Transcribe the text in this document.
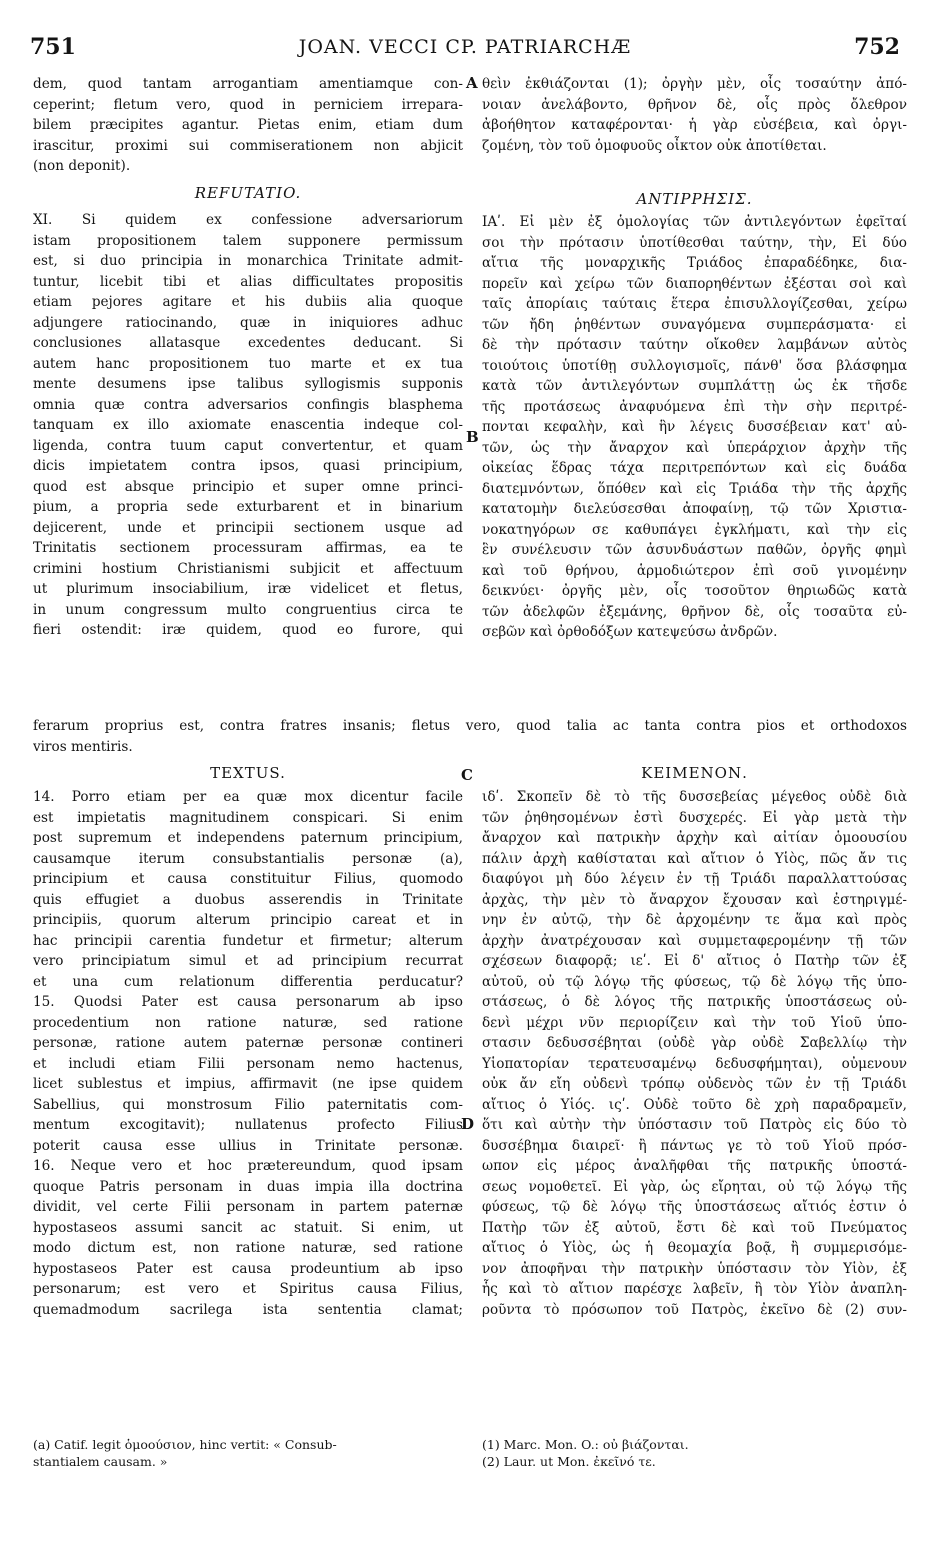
751	JOAN. VECCI CP. PATRIARCHÆ	752
A
B
C
D
dem, quod tantam arrogantiam amentiamque con-
ceperint; fletum vero, quod in perniciem irrepara-
bilem præcipites agantur. Pietas enim, etiam dum
irascitur, proximi sui commiserationem non abjicit
(non deponit).
θεὶν ἐκθιάζονται (1); ὀργὴν μὲν, οἷς τοσαύτην ἀπό-
νοιαν ἀνελάβοντο, θρῆνον δὲ, οἷς πρὸς ὄλεθρον
ἀβοήθητον καταφέρονται· ἡ γὰρ εὐσέβεια, καὶ ὀργι-
ζομένη, τὸν τοῦ ὁμοφυοῦς οἶκτον οὐκ ἀποτίθεται.
REFUTATIO.	ΑΝΤΙΡΡΗΣΙΣ.
XI. Si quidem ex confessione adversariorum
istam propositionem talem supponere permissum
est, si duo principia in monarchica Trinitate admit-
tuntur, licebit tibi et alias difficultates propositis
etiam pejores agitare et his dubiis alia quoque
adjungere ratiocinando, quæ in iniquiores adhuc
conclusiones allatasque excedentes deducant. Si
autem hanc propositionem tuo marte et ex tua
mente desumens ipse talibus syllogismis supponis
omnia quæ contra adversarios confingis blasphema
tanquam ex illo axiomate enascentia indeque col-
ligenda, contra tuum caput convertentur, et quam
dicis impietatem contra ipsos, quasi principium,
quod est absque principio et super omne princi-
pium, a propria sede exturbarent et in binarium
dejicerent, unde et principii sectionem usque ad
Trinitatis sectionem processuram affirmas, ea te
crimini hostium Christianismi subjicit et affectuum
ut plurimum insociabilium, iræ videlicet et fletus,
in unum congressum multo congruentius circa te
fieri ostendit: iræ quidem, quod eo furore, qui
ΙΑʹ. Εἰ μὲν ἐξ ὁμολογίας τῶν ἀντιλεγόντων ἐφεῖταί
σοι τὴν πρότασιν ὑποτίθεσθαι ταύτην, τὴν, Εἰ δύο
αἴτια τῆς μοναρχικῆς Τριάδος ἐπαραδέδηκε, δια-
πορεῖν καὶ χείρω τῶν διαπορηθέντων ἐξέσται σοὶ καὶ
ταῖς ἀπορίαις ταύταις ἕτερα ἐπισυλλογίζεσθαι, χείρω
τῶν ἤδη ῥηθέντων συναγόμενα συμπεράσματα· εἰ
δὲ τὴν πρότασιν ταύτην οἴκοθεν λαμβάνων αὐτὸς
τοιούτοις ὑποτίθῃ συλλογισμοῖς, πάνθ' ὅσα βλάσφημα
κατὰ τῶν ἀντιλεγόντων συμπλάττῃ ὡς ἐκ τῆσδε
τῆς προτάσεως ἀναφυόμενα ἐπὶ τὴν σὴν περιτρέ-
πονται κεφαλὴν, καὶ ἣν λέγεις δυσσέβειαν κατ' αὐ-
τῶν, ὡς τὴν ἄναρχον καὶ ὑπεράρχιον ἀρχὴν τῆς
οἰκείας ἕδρας τάχα περιτρεπόντων καὶ εἰς δυάδα
διατεμνόντων, ὅπόθεν καὶ εἰς Τριάδα τὴν τῆς ἀρχῆς
κατατομὴν διελεύσεσθαι ἀποφαίνῃ, τῷ τῶν Χριστια-
νοκατηγόρων σε καθυπάγει ἐγκλήματι, καὶ τὴν εἰς
ἓν συνέλευσιν τῶν ἀσυνδυάστων παθῶν, ὀργῆς φημὶ
καὶ τοῦ θρήνου, ἁρμοδιώτερον ἐπὶ σοῦ γινομένην
δεικνύει· ὀργῆς μὲν, οἷς τοσοῦτον θηριωδῶς κατὰ
τῶν ἀδελφῶν ἐξεμάνης, θρῆνον δὲ, οἷς τοσαῦτα εὐ-
σεβῶν καὶ ὀρθοδόξων κατεψεύσω ἀνδρῶν.
ferarum proprius est, contra fratres insanis; fletus vero, quod talia ac tanta contra pios et orthodoxos
viros mentiris.
TEXTUS.	ΚΕΙΜΕΝΟΝ.
14. Porro etiam per ea quæ mox dicentur facile
est impietatis magnitudinem conspicari. Si enim
post supremum et independens paternum principium,
causamque iterum consubstantialis personæ (a),
principium et causa constituitur Filius, quomodo
quis effugiet a duobus asserendis in Trinitate
principiis, quorum alterum principio careat et in
hac principii carentia fundetur et firmetur; alterum
vero principiatum simul et ad principium recurrat
et una cum relationum differentia perducatur?
15. Quodsi Pater est causa personarum ab ipso
procedentium non ratione naturæ, sed ratione
personæ, ratione autem paternæ personæ contineri
et includi etiam Filii personam nemo hactenus,
licet sublestus et impius, affirmavit (ne ipse quidem
Sabellius, qui monstrosum Filio paternitatis com-
mentum excogitavit); nullatenus profecto Filius
poterit causa esse ullius in Trinitate personæ.
16. Neque vero et hoc prætereundum, quod ipsam
quoque Patris personam in duas impia illa doctrina
dividit, vel certe Filii personam in partem paternæ
hypostaseos assumi sancit ac statuit. Si enim, ut
modo dictum est, non ratione naturæ, sed ratione
hypostaseos Pater est causa prodeuntium ab ipso
personarum; est vero et Spiritus causa Filius,
quemadmodum sacrilega ista sententia clamat;
ιδʹ. Σκοπεῖν δὲ τὸ τῆς δυσσεβείας μέγεθος οὐδὲ διὰ
τῶν ῥηθησομένων ἐστὶ δυσχερές. Εἰ γὰρ μετὰ τὴν
ἄναρχον καὶ πατρικὴν ἀρχὴν καὶ αἰτίαν ὁμοουσίου
πάλιν ἀρχὴ καθίσταται καὶ αἴτιον ὁ Υἱὸς, πῶς ἄν τις
διαφύγοι μὴ δύο λέγειν ἐν τῇ Τριάδι παραλλαττούσας
ἀρχὰς, τὴν μὲν τὸ ἄναρχον ἔχουσαν καὶ ἐστηριγμέ-
νην ἐν αὐτῷ, τὴν δὲ ἀρχομένην τε ἅμα καὶ πρὸς
ἀρχὴν ἀνατρέχουσαν καὶ συμμεταφερομένην τῇ τῶν
σχέσεων διαφορᾷ; ιεʹ. Εἰ δ' αἴτιος ὁ Πατὴρ τῶν ἐξ
αὐτοῦ, οὐ τῷ λόγῳ τῆς φύσεως, τῷ δὲ λόγῳ τῆς ὑπο-
στάσεως, ὁ δὲ λόγος τῆς πατρικῆς ὑποστάσεως οὐ-
δενὶ μέχρι νῦν περιορίζειν καὶ τὴν τοῦ Υἱοῦ ὑπο-
στασιν δεδυσσέβηται (οὐδὲ γὰρ οὐδὲ Σαβελλίῳ τὴν
Υἱοπατορίαν τερατευσαμένῳ δεδυσφήμηται), οὐμενουν
οὐκ ἄν εἴη οὐδενὶ τρόπῳ οὐδενὸς τῶν ἐν τῇ Τριάδι
αἴτιος ὁ Υἱός. ιςʹ. Οὐδὲ τοῦτο δὲ χρὴ παραδραμεῖν,
ὅτι καὶ αὐτὴν τὴν ὑπόστασιν τοῦ Πατρὸς εἰς δύο τὸ
δυσσέβημα διαιρεῖ· ἢ πάντως γε τὸ τοῦ Υἱοῦ πρόσ-
ωπον εἰς μέρος ἀναλῆφθαι τῆς πατρικῆς ὑποστά-
σεως νομοθετεῖ. Εἰ γὰρ, ὡς εἴρηται, οὐ τῷ λόγῳ τῆς
φύσεως, τῷ δὲ λόγῳ τῆς ὑποστάσεως αἴτιός ἐστιν ὁ
Πατὴρ τῶν ἐξ αὐτοῦ, ἔστι δὲ καὶ τοῦ Πνεύματος
αἴτιος ὁ Υἱὸς, ὡς ἡ θεομαχία βοᾷ, ἢ συμμερισόμε-
νον ἀποφῆναι τὴν πατρικὴν ὑπόστασιν τὸν Υἱὸν, ἐξ
ἧς καὶ τὸ αἴτιον παρέσχε λαβεῖν, ἢ τὸν Υἱὸν ἀναπλη-
ροῦντα τὸ πρόσωπον τοῦ Πατρὸς, ἐκεῖνο δὲ (2) συν-
(a) Catif. legit ὁμοούσιον, hinc vertit: « Consub-
stantialem causam. »
(1) Marc. Mon. O.: οὐ βιάζονται.
(2) Laur. ut Mon. ἐκεῖνό τε.
